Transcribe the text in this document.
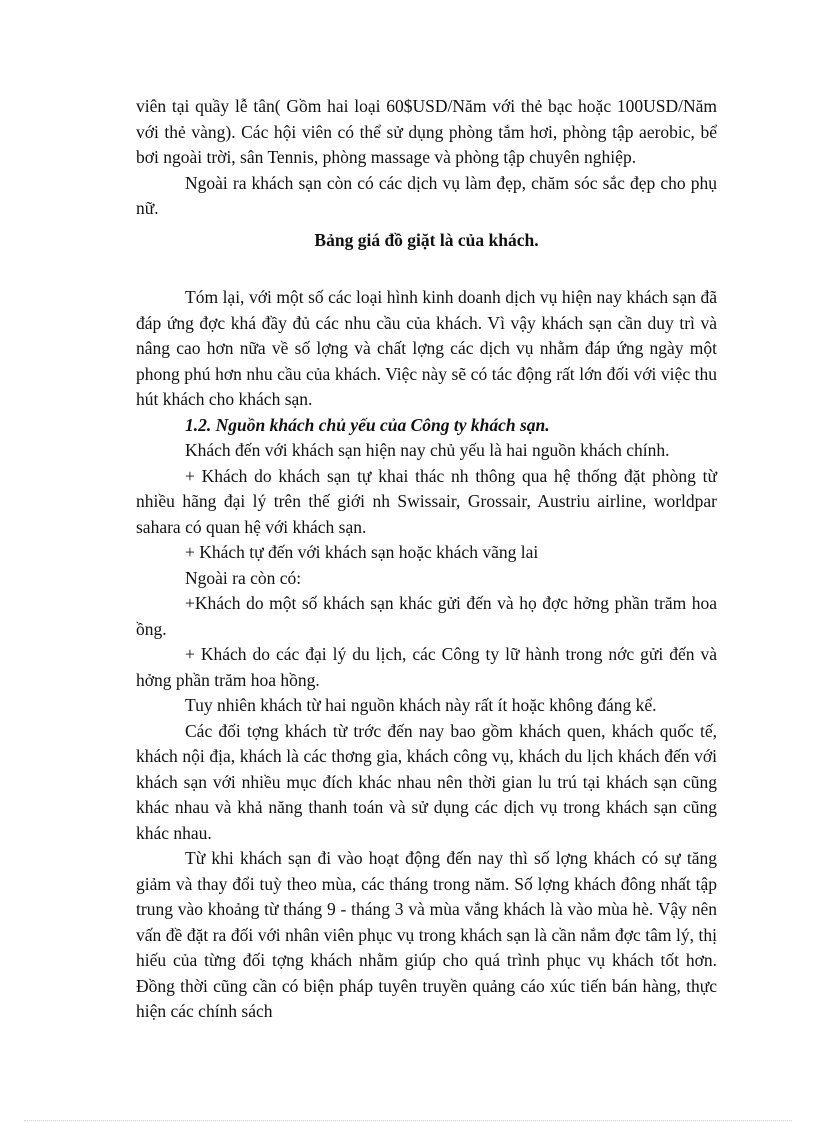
viên tại quầy lễ tân( Gồm hai loại 60$USD/Năm với thẻ bạc hoặc 100USD/Năm với thẻ vàng). Các hội viên có thể sử dụng phòng tắm hơi, phòng tập aerobic, bể bơi ngoài trời, sân Tennis, phòng massage và phòng tập chuyên nghiệp.

Ngoài ra khách sạn còn có các dịch vụ làm đẹp, chăm sóc sắc đẹp cho phụ nữ.

Bảng giá đồ giặt là của khách.

Tóm lại, với một số các loại hình kinh doanh dịch vụ hiện nay khách sạn đã đáp ứng đợc khá đầy đủ các nhu cầu của khách. Vì vậy khách sạn cần duy trì và nâng cao hơn nữa về số lợng và chất lợng các dịch vụ nhằm đáp ứng ngày một phong phú hơn nhu cầu của khách. Việc này sẽ có tác động rất lớn đối với việc thu hút khách cho khách sạn.

1.2. Nguồn khách chủ yếu của Công ty khách sạn.

Khách đến với khách sạn hiện nay chủ yếu là hai nguồn khách chính.

+ Khách do khách sạn tự khai thác nh thông qua hệ thống đặt phòng từ nhiều hãng đại lý trên thế giới nh Swissair, Grossair, Austriu airline, worldpar sahara có quan hệ với khách sạn.

+ Khách tự đến với khách sạn hoặc khách vãng lai

Ngoài ra còn có:

+Khách do một số khách sạn khác gửi đến và họ đợc hởng phần trăm hoa ồng.

+ Khách do các đại lý du lịch, các Công ty lữ hành trong nớc gửi đến và hởng phần trăm hoa hồng.

Tuy nhiên khách từ hai nguồn khách này rất ít hoặc không đáng kể.

Các đối tợng khách từ trớc đến nay bao gồm khách quen, khách quốc tế, khách nội địa, khách là các thơng gia, khách công vụ, khách du lịch khách đến với khách sạn với nhiều mục đích khác nhau nên thời gian lu trú tại khách sạn cũng khác nhau và khả năng thanh toán và sử dụng các dịch vụ trong khách sạn cũng khác nhau.

Từ khi khách sạn đi vào hoạt động đến nay thì số lợng khách có sự tăng giảm và thay đổi tuỳ theo mùa, các tháng trong năm. Số lợng khách đông nhất tập trung vào khoảng từ tháng 9 - tháng 3 và mùa vắng khách là vào mùa hè. Vậy nên vấn đề đặt ra đối với nhân viên phục vụ trong khách sạn là cần nắm đợc tâm lý, thị hiếu của từng đối tợng khách nhằm giúp cho quá trình phục vụ khách tốt hơn. Đồng thời cũng cần có biện pháp tuyên truyền quảng cáo xúc tiến bán hàng, thực hiện các chính sách
